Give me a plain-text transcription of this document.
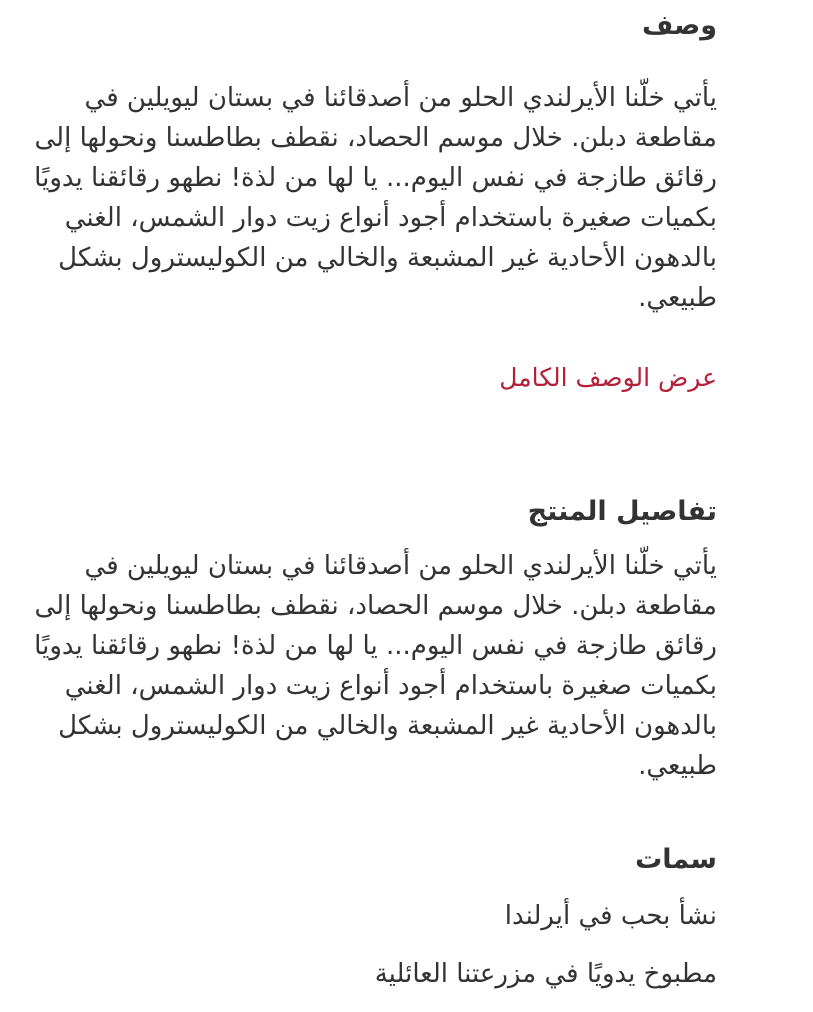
وصف

يأتي خلّنا الأيرلندي الحلو من أصدقائنا في بستان ليويلين في مقاطعة دبلن. خلال موسم الحصاد، نقطف بطاطسنا ونحولها إلى رقائق طازجة في نفس اليوم... يا لها من لذة! نطهو رقائقنا يدويًا بكميات صغيرة باستخدام أجود أنواع زيت دوار الشمس، الغني بالدهون الأحادية غير المشبعة والخالي من الكوليسترول بشكل طبيعي.

عرض الوصف الكامل
تفاصيل المنتج

يأتي خلّنا الأيرلندي الحلو من أصدقائنا في بستان ليويلين في مقاطعة دبلن. خلال موسم الحصاد، نقطف بطاطسنا ونحولها إلى رقائق طازجة في نفس اليوم... يا لها من لذة! نطهو رقائقنا يدويًا بكميات صغيرة باستخدام أجود أنواع زيت دوار الشمس، الغني بالدهون الأحادية غير المشبعة والخالي من الكوليسترول بشكل طبيعي.

سمات
نشأ بحب في أيرلندا
مطبوخ يدويًا في مزرعتنا العائلية
